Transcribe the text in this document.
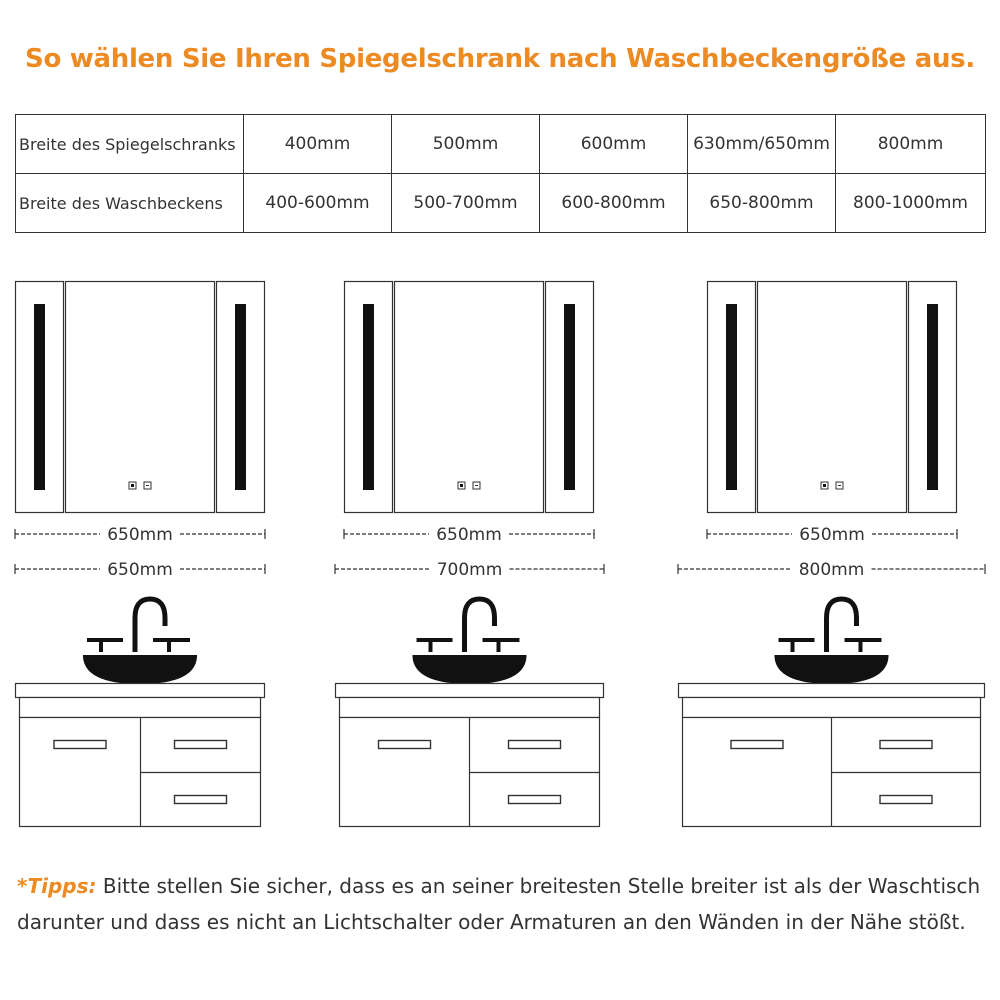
So wählen Sie Ihren Spiegelschrank nach Waschbeckengröße aus.
Breite des Spiegelschranks	400mm	500mm	600mm	630mm/650mm	800mm
Breite des Waschbeckens	400-600mm	500-700mm	600-800mm	650-800mm	800-1000mm
650mm
650mm
650mm
700mm
650mm
800mm
*Tipps: Bitte stellen Sie sicher, dass es an seiner breitesten Stelle breiter ist als der Waschtisch darunter und dass es nicht an Lichtschalter oder Armaturen an den Wänden in der Nähe stößt.
